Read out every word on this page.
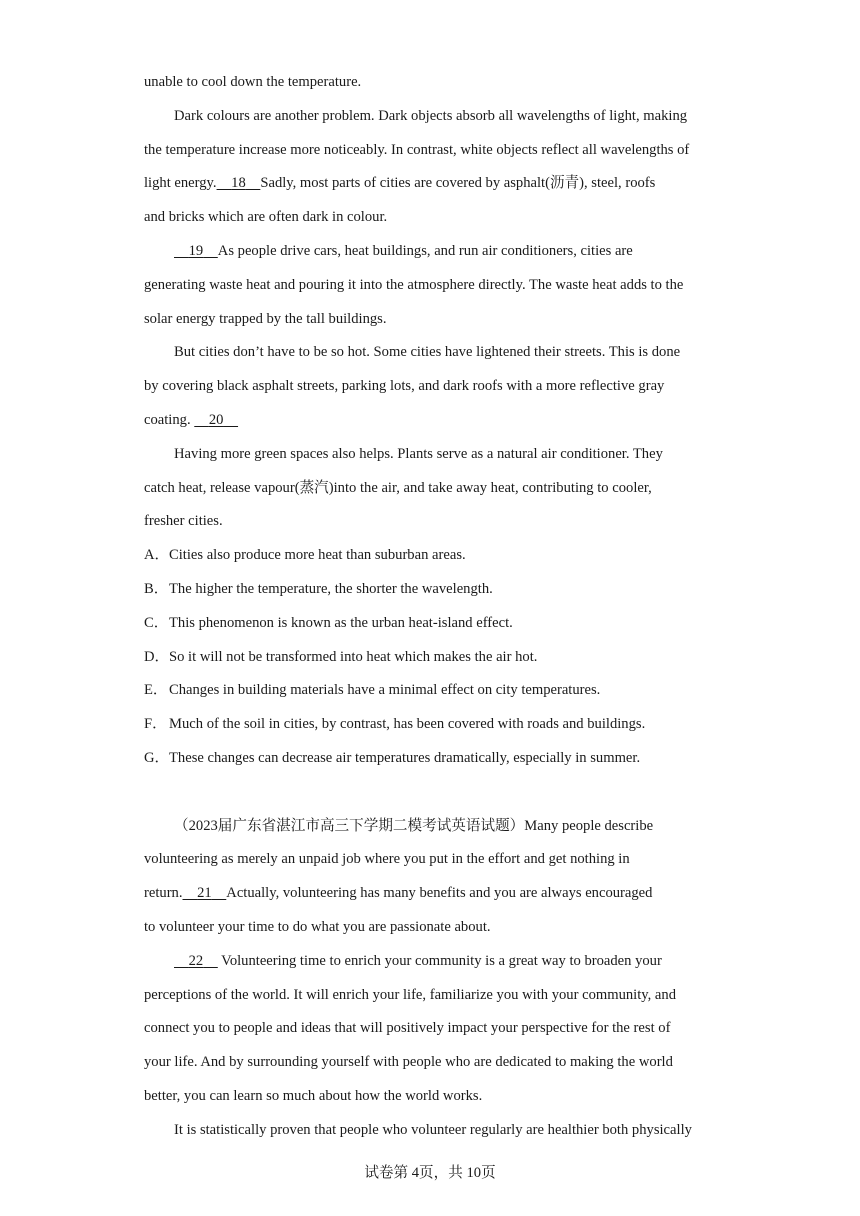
unable to cool down the temperature.
Dark colours are another problem. Dark objects absorb all wavelengths of light, making
the temperature increase more noticeably. In contrast, white objects reflect all wavelengths of
light energy. 18 Sadly, most parts of cities are covered by asphalt(沥青), steel, roofs
and bricks which are often dark in colour.
19 As people drive cars, heat buildings, and run air conditioners, cities are
generating waste heat and pouring it into the atmosphere directly. The waste heat adds to the
solar energy trapped by the tall buildings.
But cities don’t have to be so hot. Some cities have lightened their streets. This is done
by covering black asphalt streets, parking lots, and dark roofs with a more reflective gray
coating. 20
Having more green spaces also helps. Plants serve as a natural air conditioner. They
catch heat, release vapour(蒸汽)into the air, and take away heat, contributing to cooler,
fresher cities.
A．Cities also produce more heat than suburban areas.
B．The higher the temperature, the shorter the wavelength.
C．This phenomenon is known as the urban heat-island effect.
D．So it will not be transformed into heat which makes the air hot.
E．Changes in building materials have a minimal effect on city temperatures.
F． Much of the soil in cities, by contrast, has been covered with roads and buildings.
G．These changes can decrease air temperatures dramatically, especially in summer.
（2023届广东省湛江市高三下学期二模考试英语试题）Many people describe
volunteering as merely an unpaid job where you put in the effort and get nothing in
return. 21 Actually, volunteering has many benefits and you are always encouraged
to volunteer your time to do what you are passionate about.
22     Volunteering time to enrich your community is a great way to broaden your
perceptions of the world. It will enrich your life, familiarize you with your community, and
connect you to people and ideas that will positively impact your perspective for the rest of
your life. And by surrounding yourself with people who are dedicated to making the world
better, you can learn so much about how the world works.
It is statistically proven that people who volunteer regularly are healthier both physically
试卷第 4页，共 10页
